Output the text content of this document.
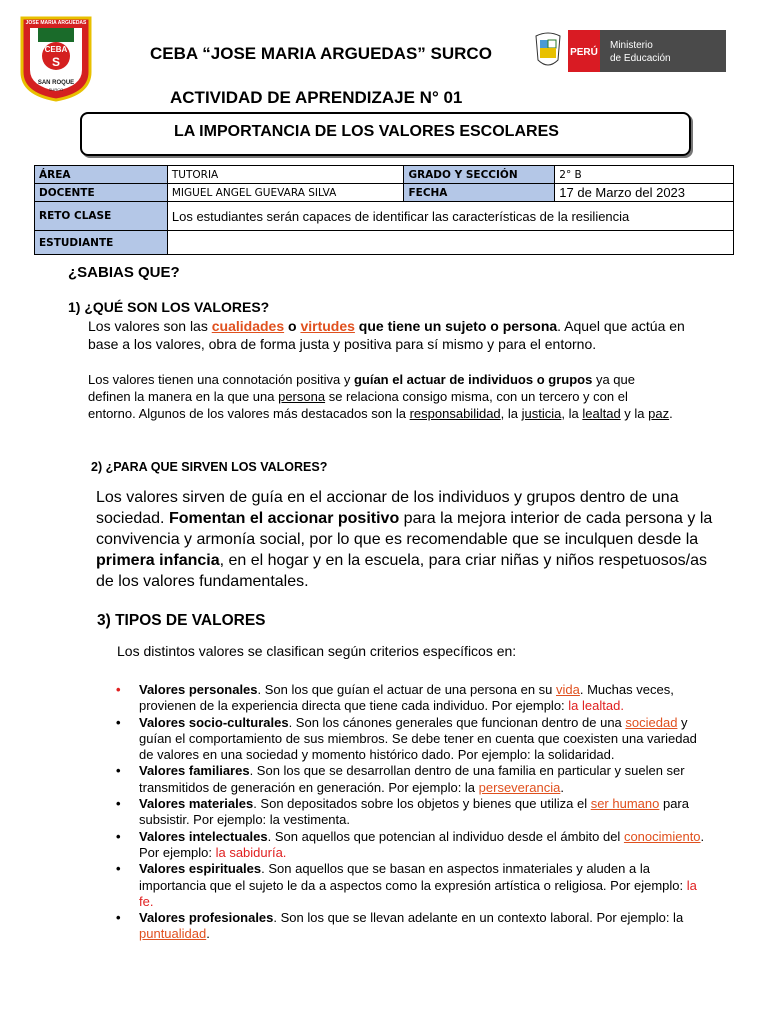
JOSE MARIA ARGUEDAS
CEBA
S
SAN ROQUE
SURCO
PERÚ
Ministerio
de Educación
CEBA “JOSE MARIA ARGUEDAS” SURCO
ACTIVIDAD DE APRENDIZAJE N° 01
LA IMPORTANCIA DE LOS VALORES ESCOLARES
ÁREA	TUTORIA	GRADO Y SECCIÓN	2° B
DOCENTE	MIGUEL ANGEL GUEVARA SILVA	FECHA	17 de Marzo del 2023
RETO CLASE	Los estudiantes serán capaces de identificar las características de la resiliencia		
ESTUDIANTE			
¿SABIAS QUE?
1) ¿QUÉ SON LOS VALORES?
Los valores son las cualidades o virtudes que tiene un sujeto o persona. Aquel que actúa en base a los valores, obra de forma justa y positiva para sí mismo y para el entorno.
Los valores tienen una connotación positiva y guían el actuar de individuos o grupos ya que definen la manera en la que una persona se relaciona consigo misma, con un tercero y con el entorno. Algunos de los valores más destacados son la responsabilidad, la justicia, la lealtad y la paz.
2) ¿PARA QUE SIRVEN LOS VALORES?
Los valores sirven de guía en el accionar de los individuos y grupos dentro de una sociedad. Fomentan el accionar positivo para la mejora interior de cada persona y la convivencia y armonía social, por lo que es recomendable que se inculquen desde la primera infancia, en el hogar y en la escuela, para criar niñas y niños respetuosos/as de los valores fundamentales.
3) TIPOS DE VALORES
Los distintos valores se clasifican según criterios específicos en:
•	Valores personales. Son los que guían el actuar de una persona en su vida. Muchas veces, provienen de la experiencia directa que tiene cada individuo. Por ejemplo: la lealtad.
•	Valores socio-culturales. Son los cánones generales que funcionan dentro de una sociedad y guían el comportamiento de sus miembros. Se debe tener en cuenta que coexisten una variedad de valores en una sociedad y momento histórico dado. Por ejemplo: la solidaridad.
•	Valores familiares. Son los que se desarrollan dentro de una familia en particular y suelen ser transmitidos de generación en generación. Por ejemplo: la perseverancia.
•	Valores materiales. Son depositados sobre los objetos y bienes que utiliza el ser humano para subsistir. Por ejemplo: la vestimenta.
•	Valores intelectuales. Son aquellos que potencian al individuo desde el ámbito del conocimiento. Por ejemplo: la sabiduría.
•	Valores espirituales. Son aquellos que se basan en aspectos inmateriales y aluden a la importancia que el sujeto le da a aspectos como la expresión artística o religiosa. Por ejemplo: la fe.
•	Valores profesionales. Son los que se llevan adelante en un contexto laboral. Por ejemplo: la puntualidad.
